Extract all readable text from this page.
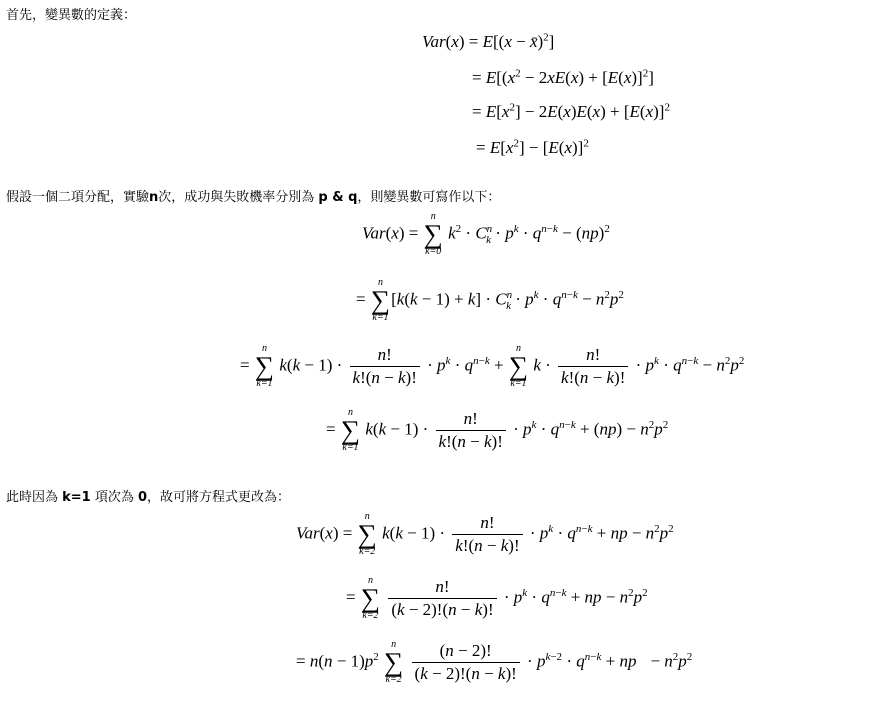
首先，變異數的定義：
Var(x) = E[(x − x̄)$^2$]
= $E[(x^2 - 2xE(x) + [E(x)]^2]$
= $E[x^2] - 2E(x)E(x) + [E(x)]^2$
= $E[x^2] - [E(x)]^2$
假設一個二項分配，實驗n次，成功與失敗機率分別為 p & q，則變異數可寫作以下：
Var(x) =
n
∑
k=0
$k^2 \cdot C^n_k \cdot p^k \cdot q^{n-k} - (np)^2$
=
n
∑
k=1
$[k(k - 1) + k] \cdot C^n_k \cdot p^k \cdot q^{n-k} - n^2p^2$
=
n
∑
k=1
$k(k - 1) \cdot \frac{n!}{k!(n - k)!} \cdot p^k \cdot q^{n-k}$ +
n
∑
k=1
$k \cdot \frac{n!}{k!(n - k)!} \cdot p^k \cdot q^{n-k} - n^2p^2$
=
n
∑
k=1
$k(k - 1) \cdot \frac{n!}{k!(n - k)!} \cdot p^k \cdot q^{n-k} + (np) - n^2p^2$
此時因為 k=1 項次為 0，故可將方程式更改為：
Var(x) =
n
∑
k=2
$k(k - 1) \cdot \frac{n!}{k!(n - k)!} \cdot p^k \cdot q^{n-k}$ + np − $n^2p^2$
=
n
∑
k=2
$\frac{n!}{(k - 2)!(n - k)!} \cdot p^k \cdot q^{n-k}$ + np − $n^2p^2$
= $n(n - 1)p^2$
n
∑
k=2
$\frac{(n - 2)!}{(k - 2)!(n - k)!} \cdot p^{k-2} \cdot q^{n-k}$ + np − $n^2p^2$
